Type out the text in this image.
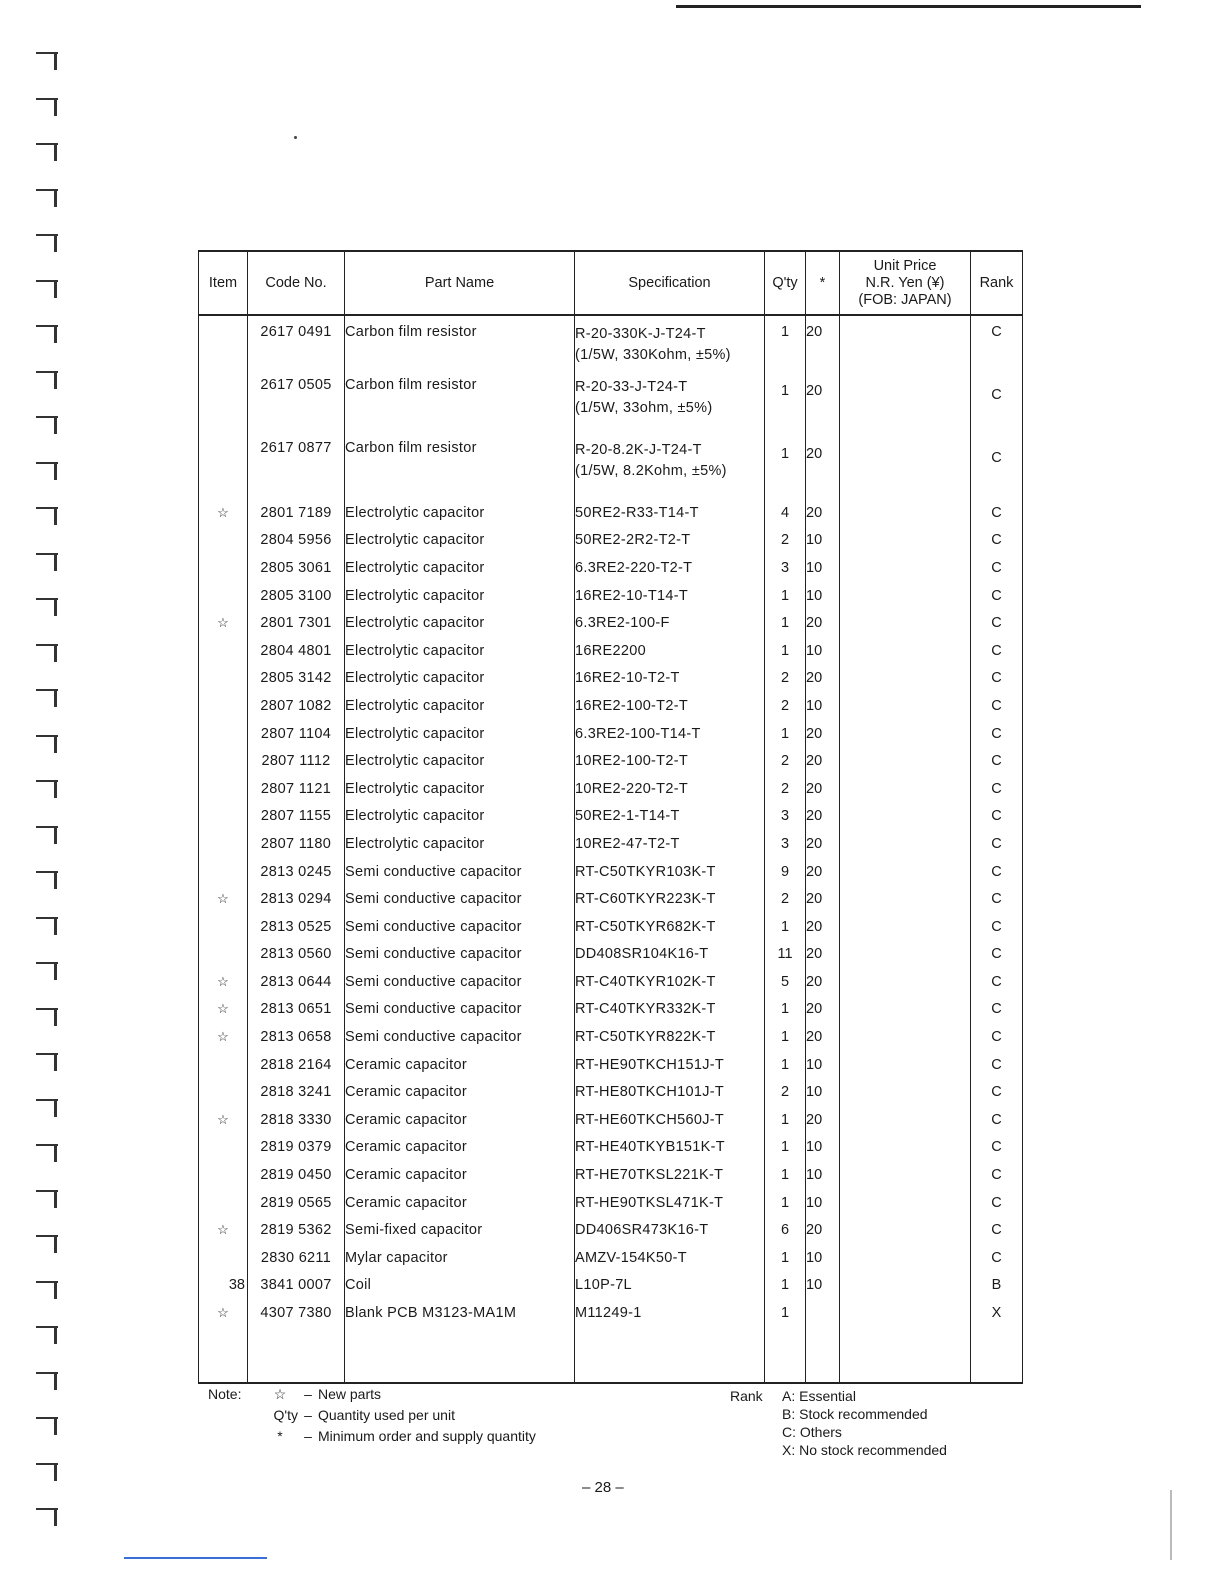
Item	Code No.	Part Name	Specification	Q'ty	*	Unit Price
N.R. Yen (¥)
(FOB: JAPAN)	Rank
	2617 0491	Carbon film resistor	R-20-330K-J-T24-T
(1/5W, 330Kohm, ±5%)	1	20		C
	2617 0505	Carbon film resistor	R-20-33-J-T24-T
(1/5W, 33ohm, ±5%)	1	20		C
	2617 0877	Carbon film resistor	R-20-8.2K-J-T24-T
(1/5W, 8.2Kohm, ±5%)	1	20		C
☆	2801 7189	Electrolytic capacitor	50RE2-R33-T14-T	4	20		C
	2804 5956	Electrolytic capacitor	50RE2-2R2-T2-T	2	10		C
	2805 3061	Electrolytic capacitor	6.3RE2-220-T2-T	3	10		C
	2805 3100	Electrolytic capacitor	16RE2-10-T14-T	1	10		C
☆	2801 7301	Electrolytic capacitor	6.3RE2-100-F	1	20		C
	2804 4801	Electrolytic capacitor	16RE2200	1	10		C
	2805 3142	Electrolytic capacitor	16RE2-10-T2-T	2	20		C
	2807 1082	Electrolytic capacitor	16RE2-100-T2-T	2	10		C
	2807 1104	Electrolytic capacitor	6.3RE2-100-T14-T	1	20		C
	2807 1112	Electrolytic capacitor	10RE2-100-T2-T	2	20		C
	2807 1121	Electrolytic capacitor	10RE2-220-T2-T	2	20		C
	2807 1155	Electrolytic capacitor	50RE2-1-T14-T	3	20		C
	2807 1180	Electrolytic capacitor	10RE2-47-T2-T	3	20		C
	2813 0245	Semi conductive capacitor	RT-C50TKYR103K-T	9	20		C
☆	2813 0294	Semi conductive capacitor	RT-C60TKYR223K-T	2	20		C
	2813 0525	Semi conductive capacitor	RT-C50TKYR682K-T	1	20		C
	2813 0560	Semi conductive capacitor	DD408SR104K16-T	11	20		C
☆	2813 0644	Semi conductive capacitor	RT-C40TKYR102K-T	5	20		C
☆	2813 0651	Semi conductive capacitor	RT-C40TKYR332K-T	1	20		C
☆	2813 0658	Semi conductive capacitor	RT-C50TKYR822K-T	1	20		C
	2818 2164	Ceramic capacitor	RT-HE90TKCH151J-T	1	10		C
	2818 3241	Ceramic capacitor	RT-HE80TKCH101J-T	2	10		C
☆	2818 3330	Ceramic capacitor	RT-HE60TKCH560J-T	1	20		C
	2819 0379	Ceramic capacitor	RT-HE40TKYB151K-T	1	10		C
	2819 0450	Ceramic capacitor	RT-HE70TKSL221K-T	1	10		C
	2819 0565	Ceramic capacitor	RT-HE90TKSL471K-T	1	10		C
☆	2819 5362	Semi-fixed capacitor	DD406SR473K16-T	6	20		C
	2830 6211	Mylar capacitor	AMZV-154K50-T	1	10		C
38	3841 0007	Coil	L10P-7L	1	10		B
☆	4307 7380	Blank PCB M3123-MA1M	M11249-1	1			X

Note:	☆	– New parts
Q'ty – Quantity used per unit
*	– Minimum order and supply quantity
Rank	A: Essential
B: Stock recommended
C: Others
X: No stock recommended
– 28 –
